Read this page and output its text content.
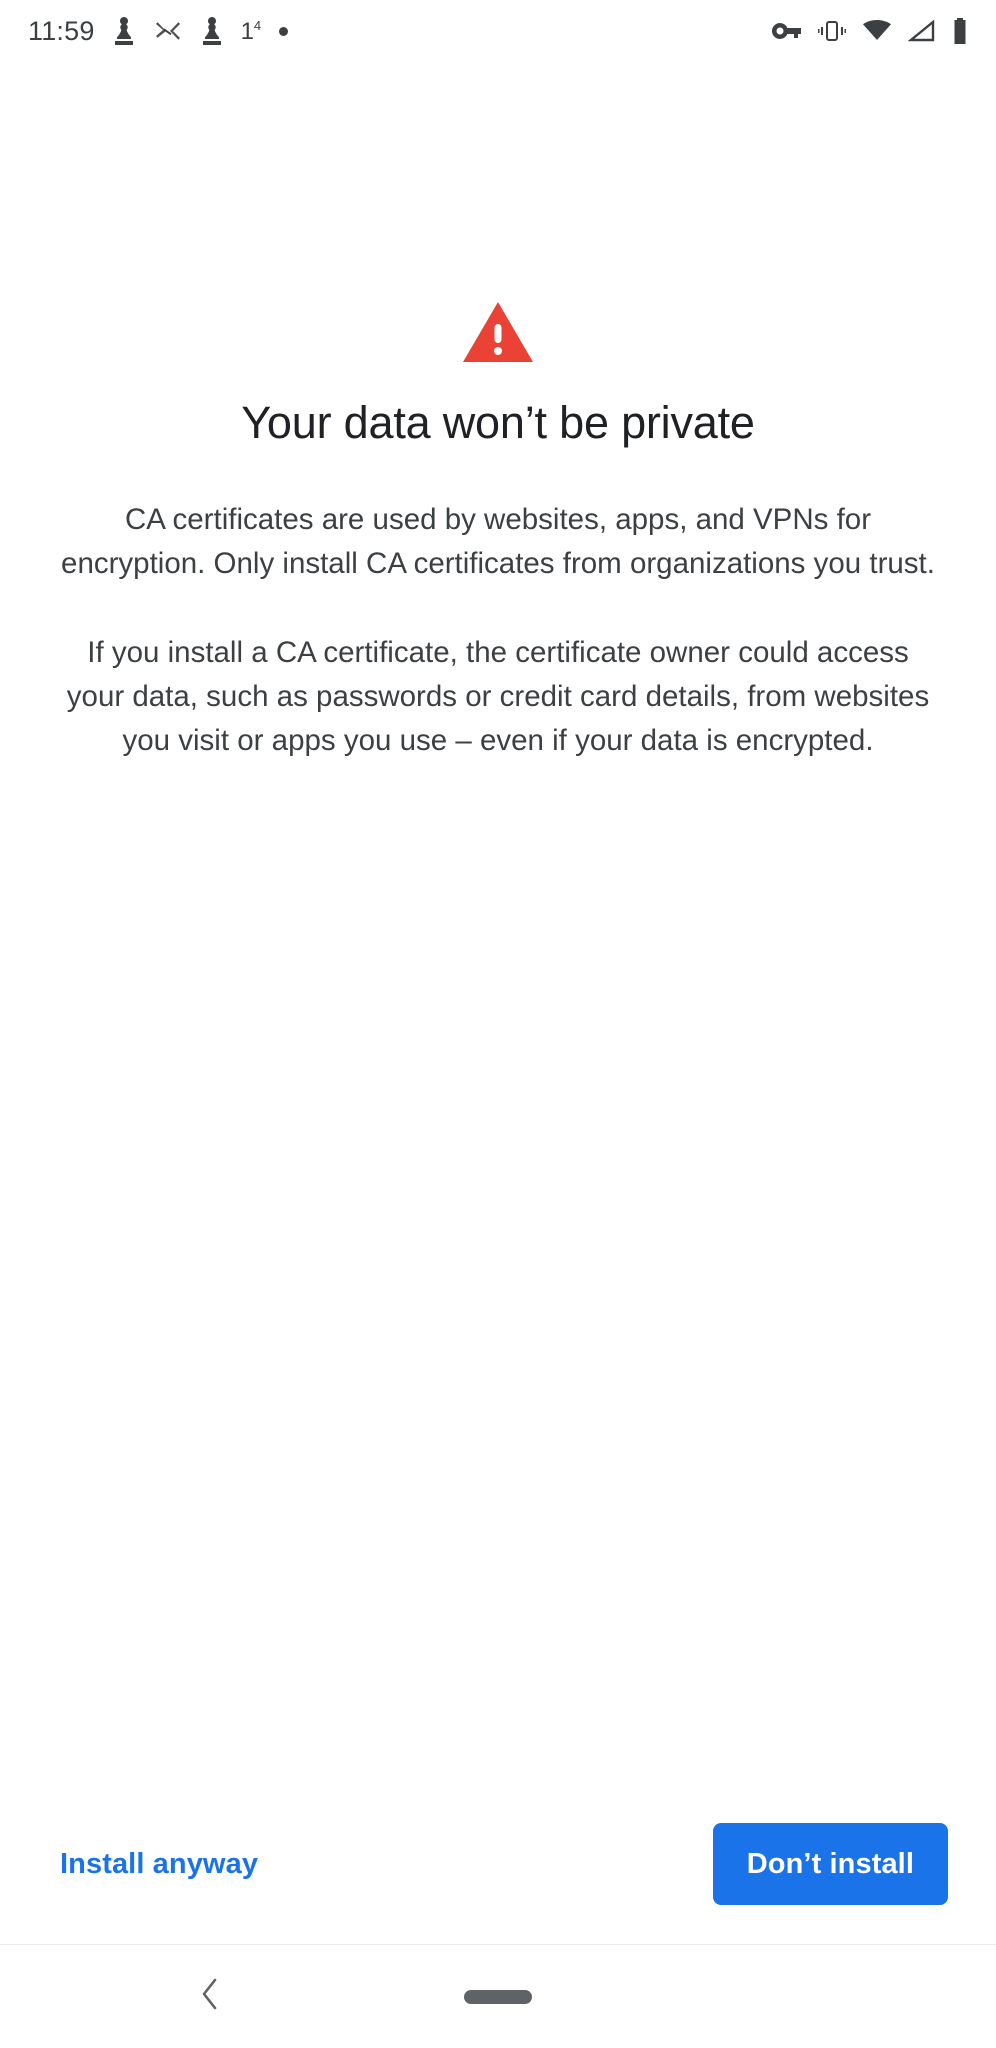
11:59	$1^4$
Your data won’t be private

CA certificates are used by websites, apps, and VPNs for encryption. Only install CA certificates from organizations you trust.

If you install a CA certificate, the certificate owner could access your data, such as passwords or credit card details, from websites you visit or apps you use – even if your data is encrypted.

Install anyway	Don’t install
